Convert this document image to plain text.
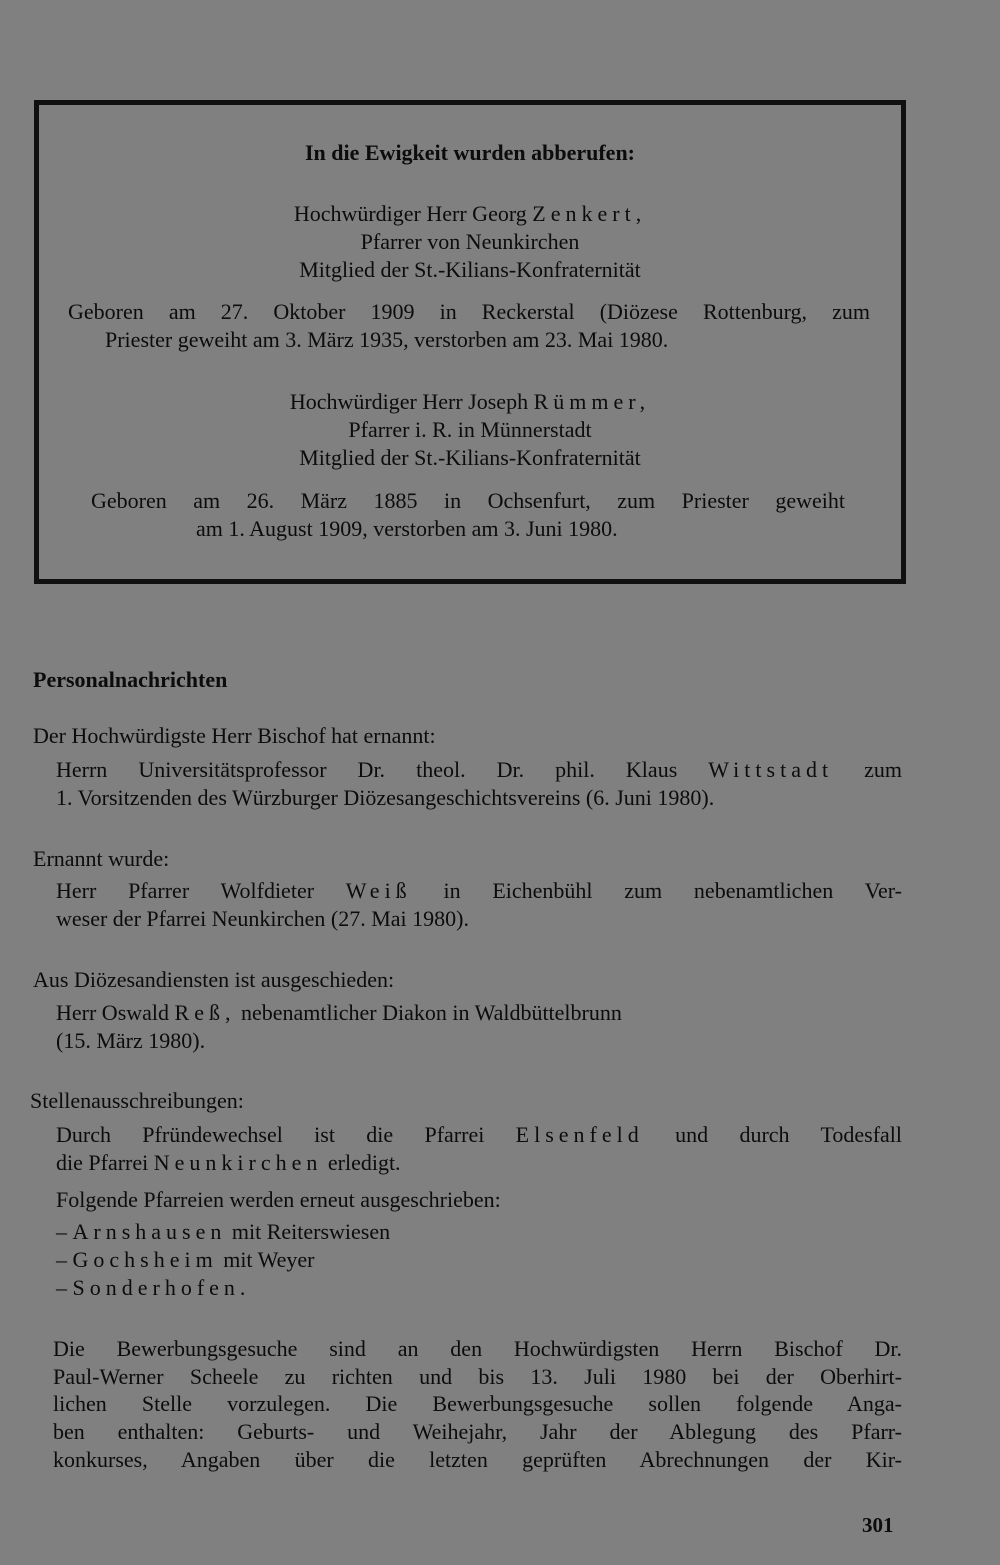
In die Ewigkeit wurden abberufen:
Hochwürdiger Herr Georg Zenkert,
Pfarrer von Neunkirchen
Mitglied der St.-Kilians-Konfraternität
Geboren am 27. Oktober 1909 in Reckerstal (Diözese Rottenburg, zum
Priester geweiht am 3. März 1935, verstorben am 23. Mai 1980.
Hochwürdiger Herr Joseph Rümmer,
Pfarrer i. R. in Münnerstadt
Mitglied der St.-Kilians-Konfraternität
Geboren am 26. März 1885 in Ochsenfurt, zum Priester geweiht
am 1. August 1909, verstorben am 3. Juni 1980.
Personalnachrichten
Der Hochwürdigste Herr Bischof hat ernannt:
Herrn Universitätsprofessor Dr. theol. Dr. phil. Klaus Wittstadt zum
1. Vorsitzenden des Würzburger Diözesangeschichtsvereins (6. Juni 1980).
Ernannt wurde:
Herr Pfarrer Wolfdieter Weiß in Eichenbühl zum nebenamtlichen Ver-
weser der Pfarrei Neunkirchen (27. Mai 1980).
Aus Diözesandiensten ist ausgeschieden:
Herr Oswald Reß, nebenamtlicher Diakon in Waldbüttelbrunn
(15. März 1980).
Stellenausschreibungen:
Durch Pfründewechsel ist die Pfarrei Elsenfeld und durch Todesfall
die Pfarrei Neunkirchen erledigt.
Folgende Pfarreien werden erneut ausgeschrieben:
– Arnshausen mit Reiterswiesen
– Gochsheim mit Weyer
– Sonderhofen.
Die Bewerbungsgesuche sind an den Hochwürdigsten Herrn Bischof Dr.
Paul-Werner Scheele zu richten und bis 13. Juli 1980 bei der Oberhirt-
lichen Stelle vorzulegen. Die Bewerbungsgesuche sollen folgende Anga-
ben enthalten: Geburts- und Weihejahr, Jahr der Ablegung des Pfarr-
konkurses, Angaben über die letzten geprüften Abrechnungen der Kir-
301
